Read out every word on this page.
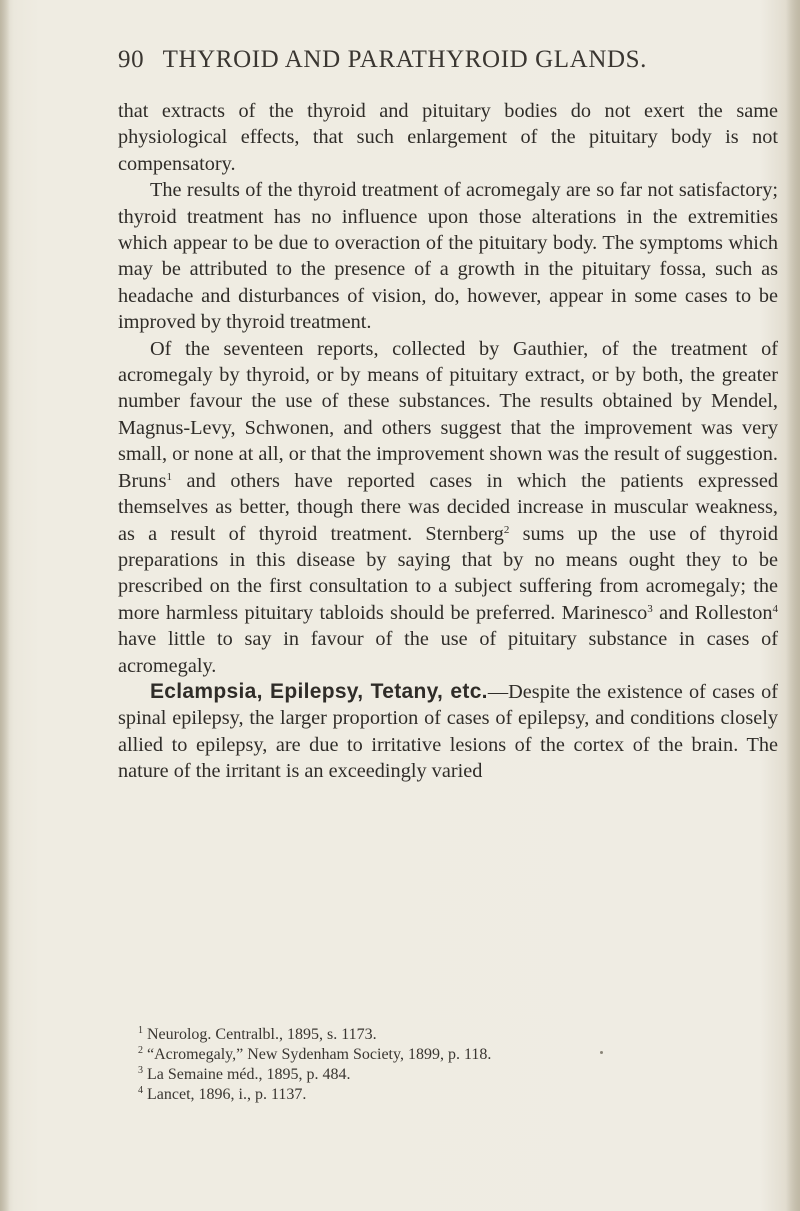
90 THYROID AND PARATHYROID GLANDS.

that extracts of the thyroid and pituitary bodies do not exert the same physiological effects, that such enlargement of the pituitary body is not compensatory.

The results of the thyroid treatment of acromegaly are so far not satisfactory; thyroid treatment has no influence upon those alterations in the extremities which appear to be due to overaction of the pituitary body. The symptoms which may be attributed to the presence of a growth in the pituitary fossa, such as headache and disturbances of vision, do, however, appear in some cases to be improved by thyroid treatment.

Of the seventeen reports, collected by Gauthier, of the treatment of acromegaly by thyroid, or by means of pituitary extract, or by both, the greater number favour the use of these substances. The results obtained by Mendel, Magnus-Levy, Schwonen, and others suggest that the improvement was very small, or none at all, or that the improvement shown was the result of suggestion. Bruns$^1$ and others have reported cases in which the patients expressed themselves as better, though there was decided increase in muscular weakness, as a result of thyroid treatment. Sternberg$^2$ sums up the use of thyroid preparations in this disease by saying that by no means ought they to be prescribed on the first consultation to a subject suffering from acromegaly; the more harmless pituitary tabloids should be preferred. Marinesco$^3$ and Rolleston$^4$ have little to say in favour of the use of pituitary substance in cases of acromegaly.

Eclampsia, Epilepsy, Tetany, etc.—Despite the existence of cases of spinal epilepsy, the larger proportion of cases of epilepsy, and conditions closely allied to epilepsy, are due to irritative lesions of the cortex of the brain. The nature of the irritant is an exceedingly varied

$^1$ Neurolog. Centralbl., 1895, s. 1173.
$^2$ “Acromegaly,” New Sydenham Society, 1899, p. 118.
$^3$ La Semaine méd., 1895, p. 484.
$^4$ Lancet, 1896, i., p. 1137.
